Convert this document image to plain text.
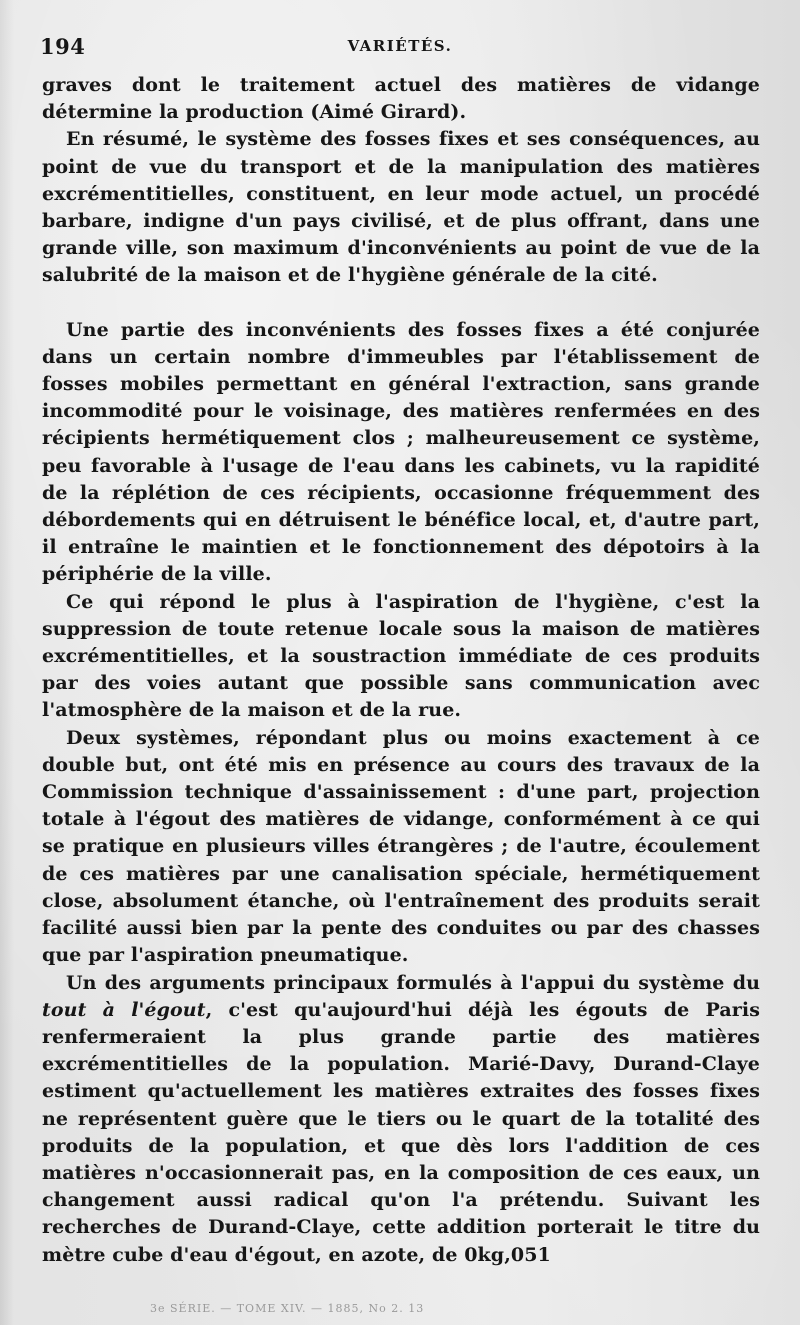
194	VARIÉTÉS.

graves dont le traitement actuel des matières de vidange détermine la production (Aimé Girard).

En résumé, le système des fosses fixes et ses conséquences, au point de vue du transport et de la manipulation des matières excrémentitielles, constituent, en leur mode actuel, un procédé barbare, indigne d'un pays civilisé, et de plus offrant, dans une grande ville, son maximum d'inconvénients au point de vue de la salubrité de la maison et de l'hygiène générale de la cité.

Une partie des inconvénients des fosses fixes a été conjurée dans un certain nombre d'immeubles par l'établissement de fosses mobiles permettant en général l'extraction, sans grande incommodité pour le voisinage, des matières renfermées en des récipients hermétiquement clos ; malheureusement ce système, peu favorable à l'usage de l'eau dans les cabinets, vu la rapidité de la réplétion de ces récipients, occasionne fréquemment des débordements qui en détruisent le bénéfice local, et, d'autre part, il entraîne le maintien et le fonctionnement des dépotoirs à la périphérie de la ville.

Ce qui répond le plus à l'aspiration de l'hygiène, c'est la suppression de toute retenue locale sous la maison de matières excrémentitielles, et la soustraction immédiate de ces produits par des voies autant que possible sans communication avec l'atmosphère de la maison et de la rue.

Deux systèmes, répondant plus ou moins exactement à ce double but, ont été mis en présence au cours des travaux de la Commission technique d'assainissement : d'une part, projection totale à l'égout des matières de vidange, conformément à ce qui se pratique en plusieurs villes étrangères ; de l'autre, écoulement de ces matières par une canalisation spéciale, hermétiquement close, absolument étanche, où l'entraînement des produits serait facilité aussi bien par la pente des conduites ou par des chasses que par l'aspiration pneumatique.

Un des arguments principaux formulés à l'appui du système du tout à l'égout, c'est qu'aujourd'hui déjà les égouts de Paris renfermeraient la plus grande partie des matières excrémentitielles de la population. Marié-Davy, Durand-Claye estiment qu'actuellement les matières extraites des fosses fixes ne représentent guère que le tiers ou le quart de la totalité des produits de la population, et que dès lors l'addition de ces matières n'occasionnerait pas, en la composition de ces eaux, un changement aussi radical qu'on l'a prétendu. Suivant les recherches de Durand-Claye, cette addition porterait le titre du mètre cube d'eau d'égout, en azote, de 0kg,051

3e SÉRIE. — TOME XIV. — 1885, No 2. 13
